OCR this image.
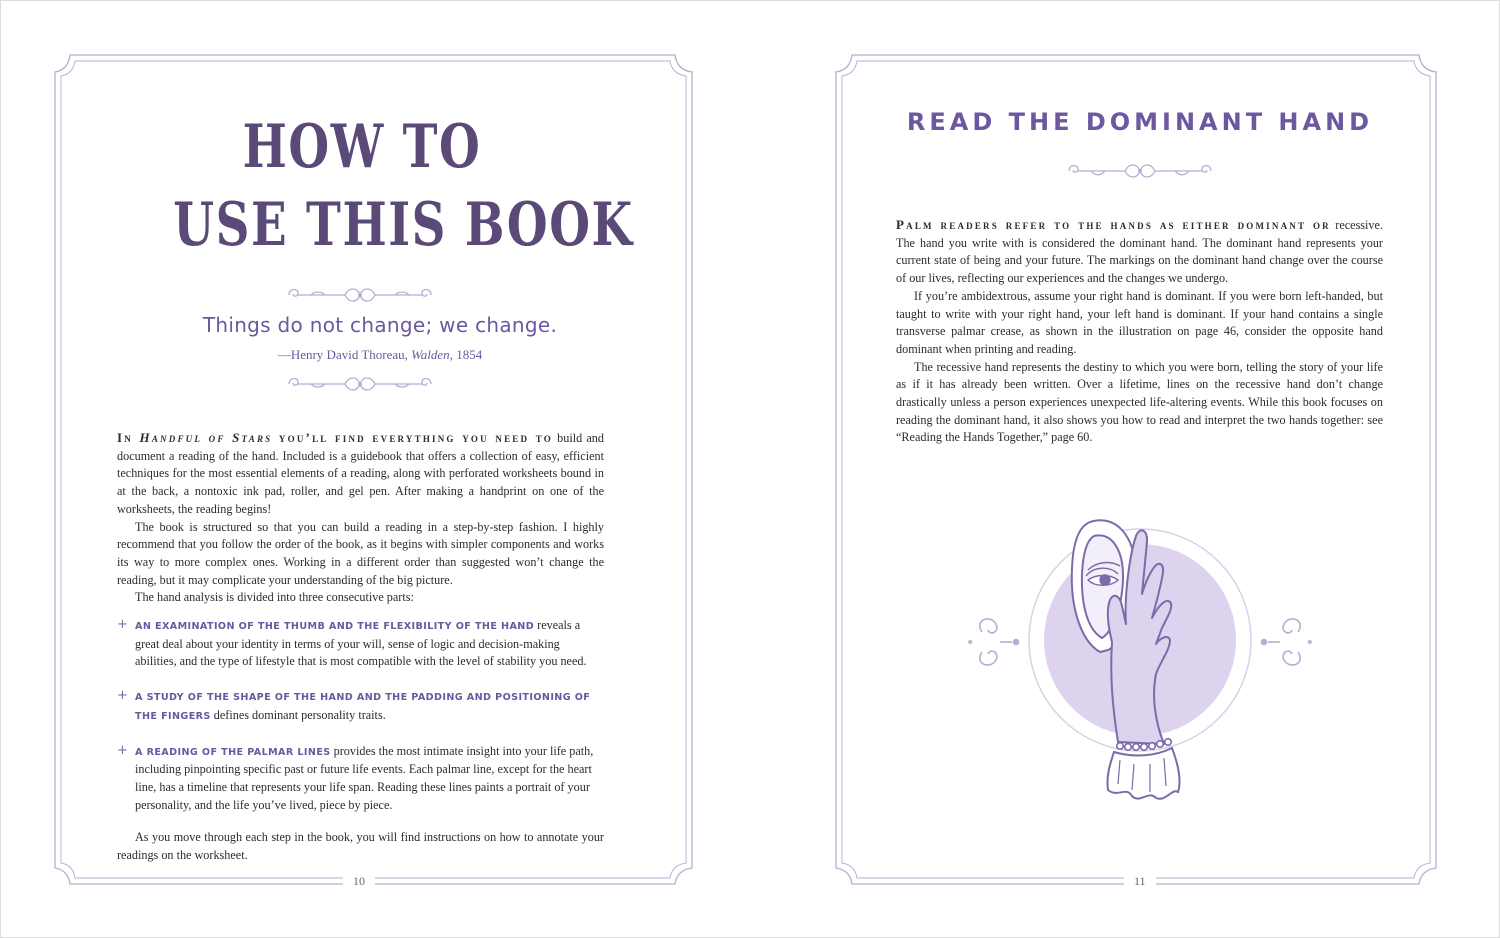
HOW TO
USE THIS BOOK
Things do not change; we change.
—Henry David Thoreau, Walden, 1854

In Handful of Stars you’ll find everything you need to build and document a reading of the hand. Included is a guidebook that offers a collection of easy, efficient techniques for the most essential elements of a reading, along with perforated worksheets bound in at the back, a nontoxic ink pad, roller, and gel pen. After making a handprint on one of the worksheets, the reading begins!

The book is structured so that you can build a reading in a step-by-step fashion. I highly recommend that you follow the order of the book, as it begins with simpler components and works its way to more complex ones. Working in a different order than suggested won’t change the reading, but it may complicate your understanding of the big picture.

The hand analysis is divided into three consecutive parts:

+ AN EXAMINATION OF THE THUMB AND THE FLEXIBILITY OF THE HAND reveals a great deal about your identity in terms of your will, sense of logic and decision-making abilities, and the type of lifestyle that is most compatible with the level of stability you need.
+ A STUDY OF THE SHAPE OF THE HAND AND THE PADDING AND POSITIONING OF THE FINGERS defines dominant personality traits.
+ A READING OF THE PALMAR LINES provides the most intimate insight into your life path, including pinpointing specific past or future life events. Each palmar line, except for the heart line, has a timeline that represents your life span. Reading these lines paints a portrait of your personality, and the life you’ve lived, piece by piece.

As you move through each step in the book, you will find instructions on how to annotate your readings on the worksheet.

10
READ THE DOMINANT HAND

Palm readers refer to the hands as either dominant or recessive. The hand you write with is considered the dominant hand. The dominant hand represents your current state of being and your future. The markings on the dominant hand change over the course of our lives, reflecting our experiences and the changes we undergo.

If you’re ambidextrous, assume your right hand is dominant. If you were born left-handed, but taught to write with your right hand, your left hand is dominant. If your hand contains a single transverse palmar crease, as shown in the illustration on page 46, consider the opposite hand dominant when printing and reading.

The recessive hand represents the destiny to which you were born, telling the story of your life as if it has already been written. Over a lifetime, lines on the recessive hand don’t change drastically unless a person experiences unexpected life-altering events. While this book focuses on reading the dominant hand, it also shows you how to read and interpret the two hands together: see “Reading the Hands Together,” page 60.

11
